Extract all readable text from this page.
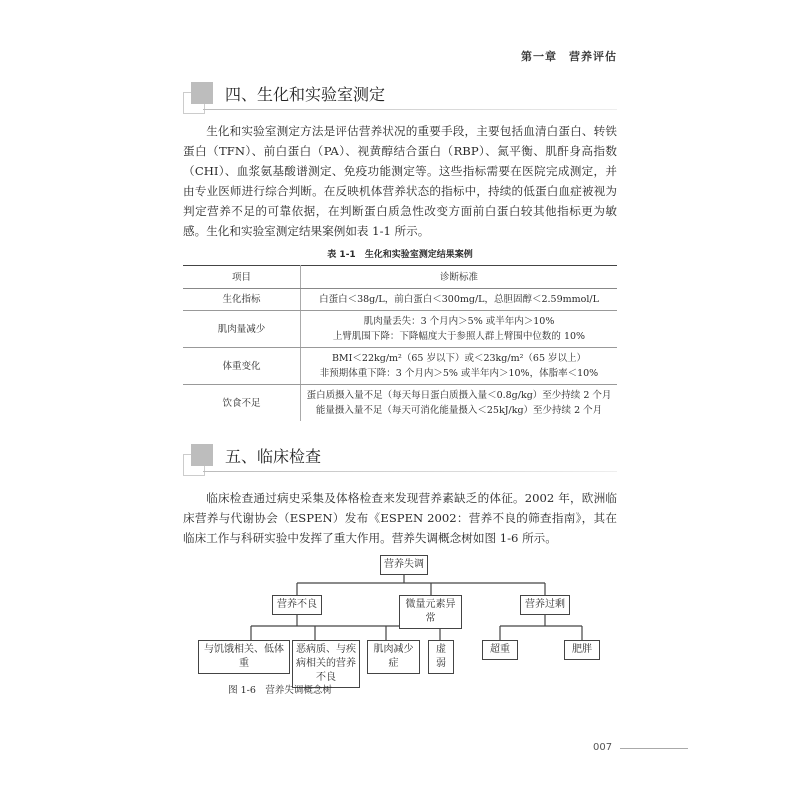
第一章　营养评估
四、生化和实验室测定
生化和实验室测定方法是评估营养状况的重要手段，主要包括血清白蛋白、转铁蛋白（TFN）、前白蛋白（PA）、视黄醇结合蛋白（RBP）、氮平衡、肌酐身高指数（CHI）、血浆氨基酸谱测定、免疫功能测定等。这些指标需要在医院完成测定，并由专业医师进行综合判断。在反映机体营养状态的指标中，持续的低蛋白血症被视为判定营养不足的可靠依据，在判断蛋白质急性改变方面前白蛋白较其他指标更为敏感。生化和实验室测定结果案例如表 1-1 所示。
表 1-1　生化和实验室测定结果案例
项目	诊断标准
生化指标	白蛋白＜38g/L，前白蛋白＜300mg/L，总胆固醇＜2.59mmol/L

肌肉量减少	肌肉量丢失：3 个月内＞5% 或半年内＞10%
上臂肌围下降：下降幅度大于参照人群上臂围中位数的 10%

体重变化	BMI＜22kg/m²（65 岁以下）或＜23kg/m²（65 岁以上）
非预期体重下降：3 个月内＞5% 或半年内＞10%，体脂率＜10%

饮食不足	蛋白质摄入量不足（每天每日蛋白质摄入量＜0.8g/kg）至少持续 2 个月
能量摄入量不足（每天可消化能量摄入＜25kJ/kg）至少持续 2 个月
五、临床检查
临床检查通过病史采集及体格检查来发现营养素缺乏的体征。2002 年，欧洲临床营养与代谢协会（ESPEN）发布《ESPEN 2002：营养不良的筛查指南》，其在临床工作与科研实验中发挥了重大作用。营养失调概念树如图 1-6 所示。
营养失调
营养不良	微量元素异常
营养过剩
与饥饿相关、低体重
恶病质、与疾病相关的营养不良
肌肉减少症
虚弱
超重	肥胖
图 1-6　营养失调概念树
007
